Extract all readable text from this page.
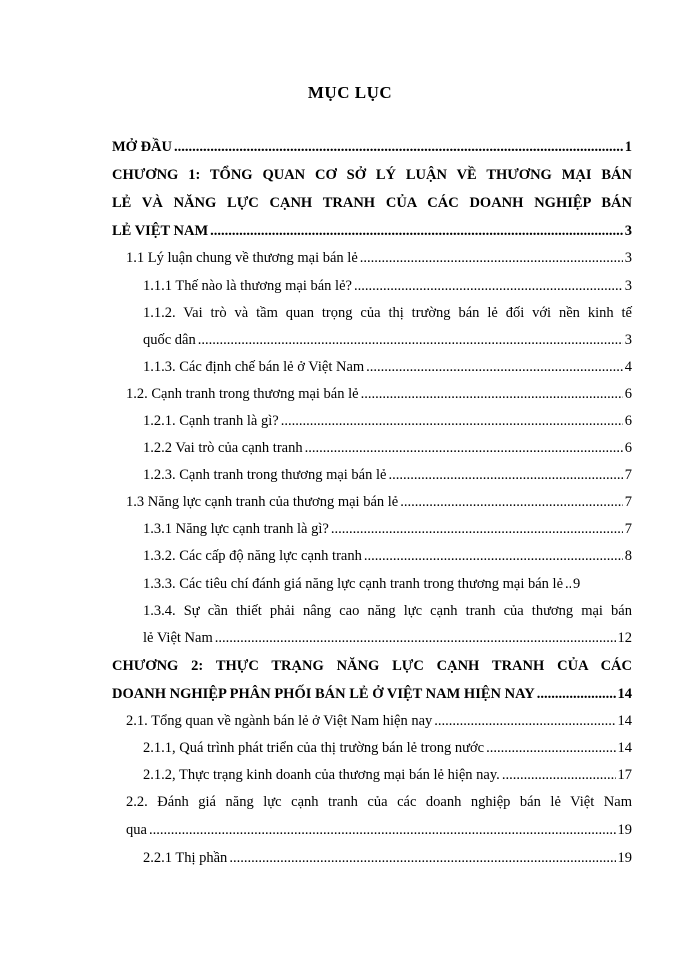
MỤC LỤC
MỞ ĐẦU .....	1
CHƯƠNG 1: TỔNG QUAN CƠ SỞ LÝ LUẬN VỀ THƯƠNG MẠI BÁN
LẺ VÀ NĂNG LỰC CẠNH TRANH CỦA CÁC DOANH NGHIỆP BÁN
LẺ VIỆT NAM .....	3
1.1 Lý luận chung về thương mại bán lẻ .....	3
1.1.1 Thế nào là thương mại bán lẻ? .....	3
1.1.2. Vai trò và tầm quan trọng của thị trường bán lẻ đối với nền kinh tế
quốc dân .....	3
1.1.3. Các định chế bán lẻ ở Việt Nam .....	4
1.2. Cạnh tranh trong thương mại bán lẻ .....	6
1.2.1. Cạnh tranh là gì? .....	6
1.2.2 Vai trò của cạnh tranh .....	6
1.2.3. Cạnh tranh trong thương mại bán lẻ .....	7
1.3 Năng lực cạnh tranh của thương mại bán lẻ .....	7
1.3.1 Năng lực cạnh tranh là gì? .....	7
1.3.2. Các cấp độ năng lực cạnh tranh .....	8
1.3.3. Các tiêu chí đánh giá năng lực cạnh tranh trong thương mại bán lẻ ..... 9
1.3.4. Sự cần thiết phải nâng cao năng lực cạnh tranh của thương mại bán
lẻ Việt Nam .....	12
CHƯƠNG 2: THỰC TRẠNG NĂNG LỰC CẠNH TRANH CỦA CÁC
DOANH NGHIỆP PHÂN PHỐI BÁN LẺ Ở VIỆT NAM HIỆN NAY .....	14
2.1. Tổng quan về ngành bán lẻ ở Việt Nam hiện nay .....	14
2.1.1, Quá trình phát triển của thị trường bán lẻ trong nước .....	14
2.1.2, Thực trạng kinh doanh của thương mại bán lẻ hiện nay. .....	17
2.2. Đánh giá năng lực cạnh tranh của các doanh nghiệp bán lẻ Việt Nam
qua .....	19
2.2.1 Thị phần .....	19
